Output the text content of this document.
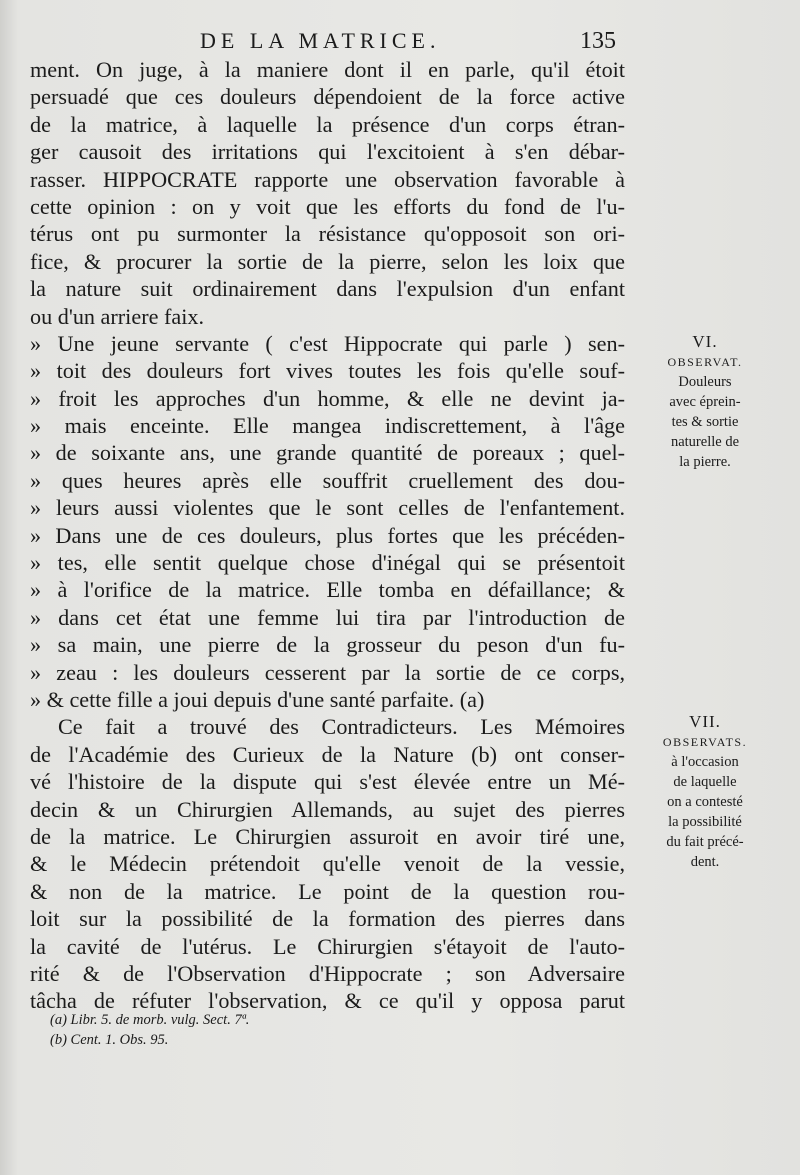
DE LA MATRICE.	135
ment. On juge, à la maniere dont il en parle, qu'il étoit
persuadé que ces douleurs dépendoient de la force active
de la matrice, à laquelle la présence d'un corps étran-
ger causoit des irritations qui l'excitoient à s'en débar-
rasser. HIPPOCRATE rapporte une observation favorable à
cette opinion : on y voit que les efforts du fond de l'u-
térus ont pu surmonter la résistance qu'opposoit son ori-
fice, & procurer la sortie de la pierre, selon les loix que
la nature suit ordinairement dans l'expulsion d'un enfant
ou d'un arriere faix.
» Une jeune servante ( c'est Hippocrate qui parle ) sen-
» toit des douleurs fort vives toutes les fois qu'elle souf-
» froit les approches d'un homme, & elle ne devint ja-
» mais enceinte. Elle mangea indiscrettement, à l'âge
» de soixante ans, une grande quantité de poreaux ; quel-
» ques heures après elle souffrit cruellement des dou-
» leurs aussi violentes que le sont celles de l'enfantement.
» Dans une de ces douleurs, plus fortes que les précéden-
» tes, elle sentit quelque chose d'inégal qui se présentoit
» à l'orifice de la matrice. Elle tomba en défaillance; &
» dans cet état une femme lui tira par l'introduction de
» sa main, une pierre de la grosseur du peson d'un fu-
» zeau : les douleurs cesserent par la sortie de ce corps,
» & cette fille a joui depuis d'une santé parfaite. (a)
Ce fait a trouvé des Contradicteurs. Les Mémoires
de l'Académie des Curieux de la Nature (b) ont conser-
vé l'histoire de la dispute qui s'est élevée entre un Mé-
decin & un Chirurgien Allemands, au sujet des pierres
de la matrice. Le Chirurgien assuroit en avoir tiré une,
& le Médecin prétendoit qu'elle venoit de la vessie,
& non de la matrice. Le point de la question rou-
loit sur la possibilité de la formation des pierres dans
la cavité de l'utérus. Le Chirurgien s'étayoit de l'auto-
rité & de l'Observation d'Hippocrate ; son Adversaire
tâcha de réfuter l'observation, & ce qu'il y opposa parut
VI.
OBSERVAT.
Douleurs
avec éprein-
tes & sortie
naturelle de
la pierre.
VII.
OBSERVATS.
à l'occasion
de laquelle
on a contesté
la possibilité
du fait précé-
dent.
(a) Libr. 5. de morb. vulg. Sect. 7ª.
(b) Cent. 1. Obs. 95.
